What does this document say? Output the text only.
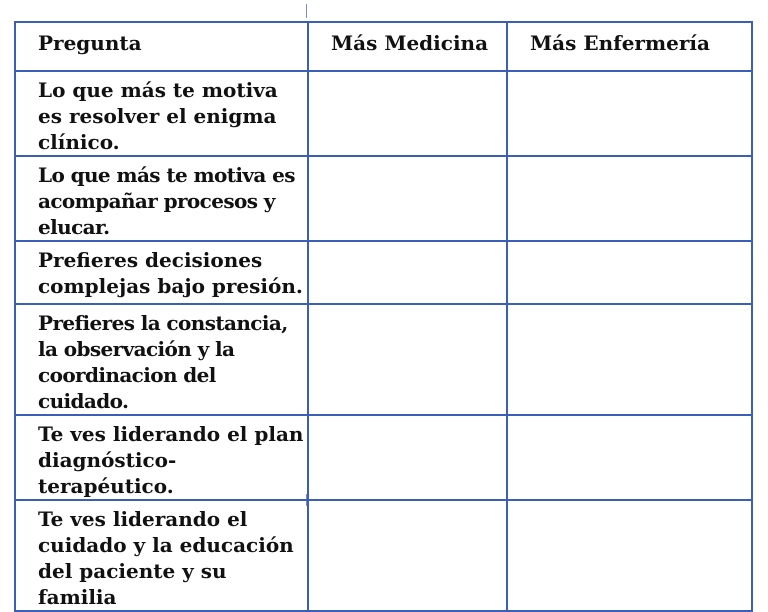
Pregunta	Más Medicina	Más Enfermería
Lo que más te motiva es resolver el enigma clínico.		
Lo que más te motiva es acompañar procesos y elucar.		
Prefieres decisiones complejas bajo presión.		
Prefieres la constancia, la observación y la coordinacion del cuidado.		
Te ves liderando el plan diagnóstico-terapéutico.		
Te ves liderando el cuidado y la educación del paciente y su familia		
